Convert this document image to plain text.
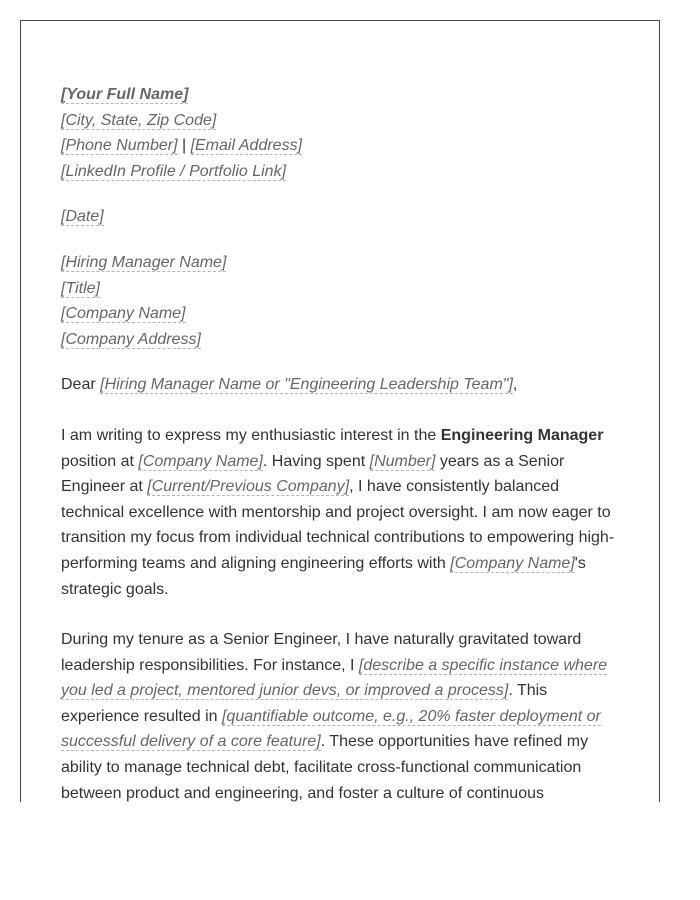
[Your Full Name]

[City, State, Zip Code]

[Phone Number] | [Email Address]

[LinkedIn Profile / Portfolio Link]

[Date]

[Hiring Manager Name]

[Title]

[Company Name]

[Company Address]

Dear [Hiring Manager Name or "Engineering Leadership Team"],

I am writing to express my enthusiastic interest in the Engineering Manager position at [Company Name]. Having spent [Number] years as a Senior Engineer at [Current/Previous Company], I have consistently balanced technical excellence with mentorship and project oversight. I am now eager to transition my focus from individual technical contributions to empowering high-performing teams and aligning engineering efforts with [Company Name]'s strategic goals.

During my tenure as a Senior Engineer, I have naturally gravitated toward leadership responsibilities. For instance, I [describe a specific instance where you led a project, mentored junior devs, or improved a process]. This experience resulted in [quantifiable outcome, e.g., 20% faster deployment or successful delivery of a core feature]. These opportunities have refined my ability to manage technical debt, facilitate cross-functional communication between product and engineering, and foster a culture of continuous
